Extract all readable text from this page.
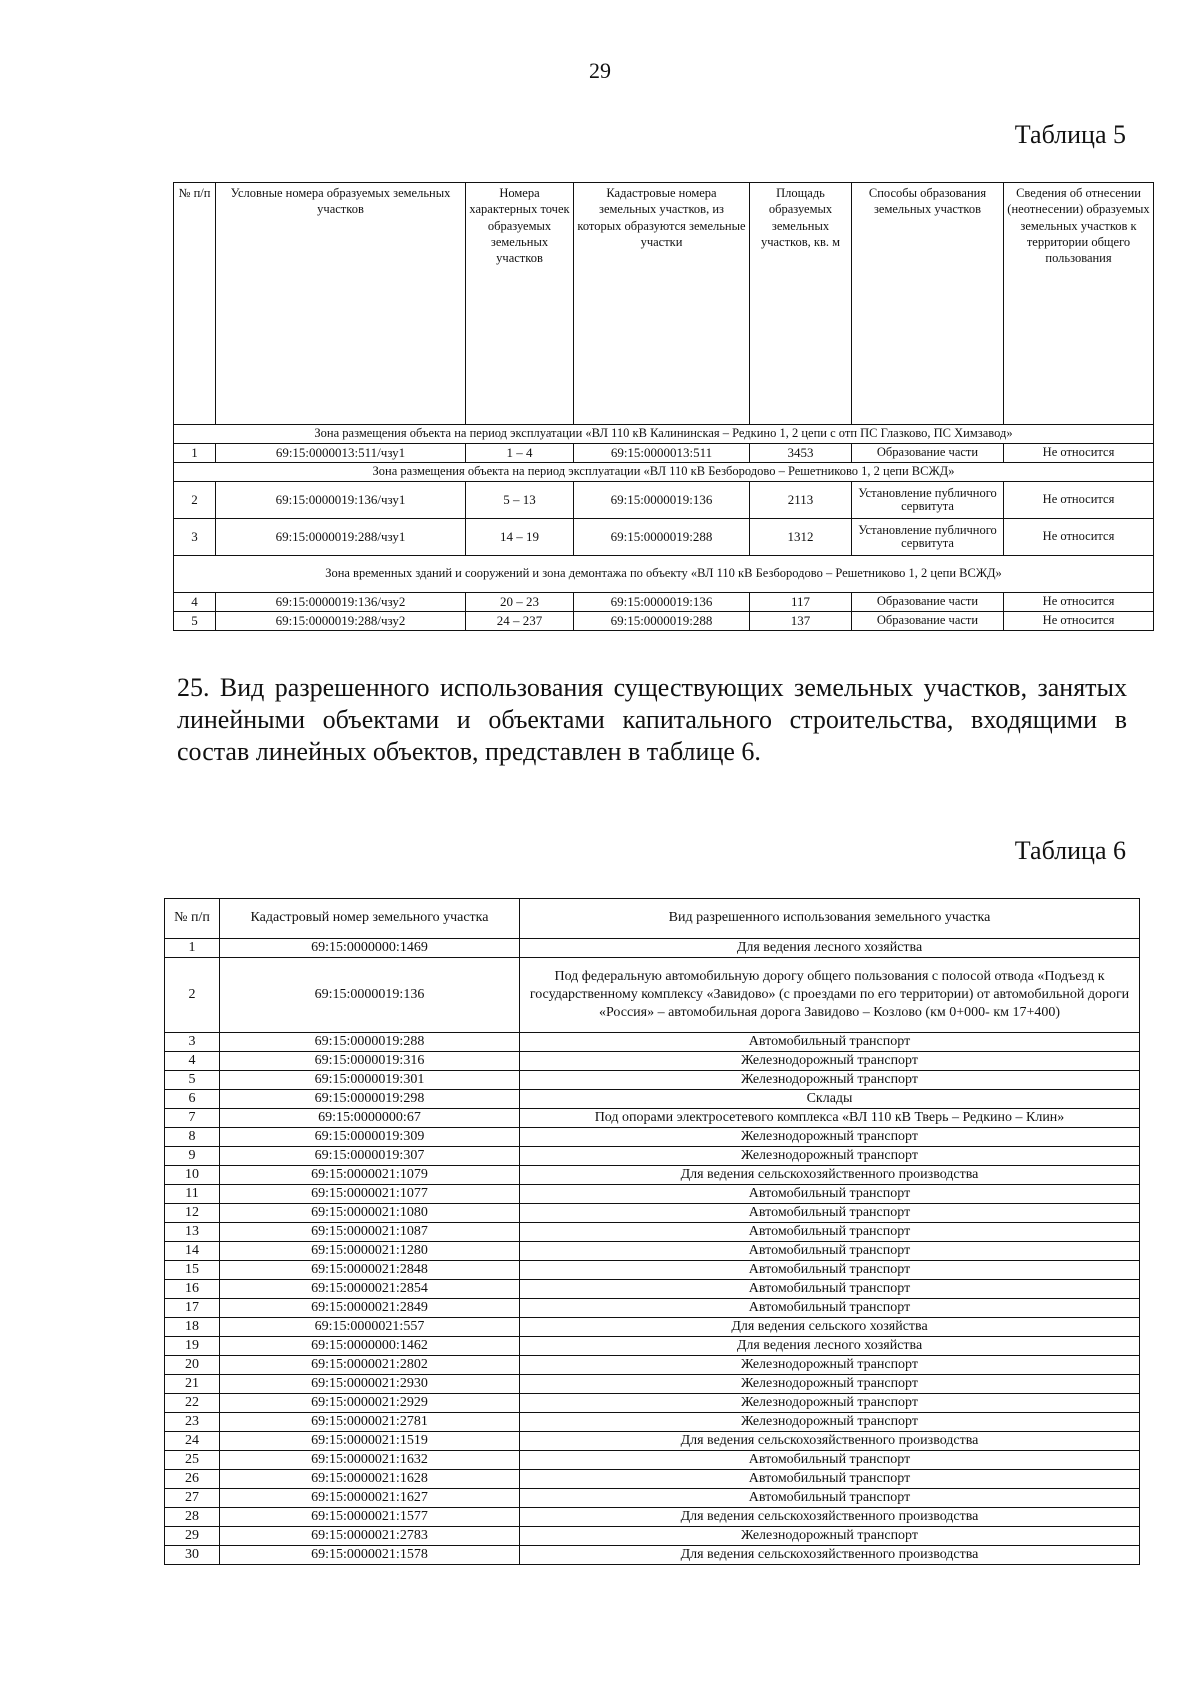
29
Таблица 5
№ п/п	Условные номера образуемых земельных участков	Номера характерных точек образуемых земельных участков	Кадастровые номера земельных участков, из которых образуются земельные участки	Площадь образуемых земельных участков, кв. м	Способы образования земельных участков	Сведения об отнесении (неотнесении) образуемых земельных участков к территории общего пользования
Зона размещения объекта на период эксплуатации «ВЛ 110 кВ Калининская – Редкино 1, 2 цепи с отп ПС Глазково, ПС Химзавод»						
1	69:15:0000013:511/чзу1	1 – 4	69:15:0000013:511	3453	Образование части	Не относится
Зона размещения объекта на период эксплуатации «ВЛ 110 кВ Безбородово – Решетниково 1, 2 цепи ВСЖД»						
2	69:15:0000019:136/чзу1	5 – 13	69:15:0000019:136	2113	Установление публичного сервитута	Не относится
3	69:15:0000019:288/чзу1	14 – 19	69:15:0000019:288	1312	Установление публичного сервитута	Не относится
Зона временных зданий и сооружений и зона демонтажа по объекту «ВЛ 110 кВ Безбородово – Решетниково 1, 2 цепи ВСЖД»						
4	69:15:0000019:136/чзу2	20 – 23	69:15:0000019:136	117	Образование части	Не относится
5	69:15:0000019:288/чзу2	24 – 237	69:15:0000019:288	137	Образование части	Не относится
25. Вид разрешенного использования существующих земельных участков, занятых линейными объектами и объектами капитального строительства, входящими в состав линейных объектов, представлен в таблице 6.
Таблица 6
№ п/п	Кадастровый номер земельного участка	Вид разрешенного использования земельного участка
1	69:15:0000000:1469	Для ведения лесного хозяйства
2	69:15:0000019:136	Под федеральную автомобильную дорогу общего пользования с полосой отвода «Подъезд к государственному комплексу «Завидово» (с проездами по его территории) от автомобильной дороги «Россия» – автомобильная дорога Завидово – Козлово (км 0+000- км 17+400)
3	69:15:0000019:288	Автомобильный транспорт
4	69:15:0000019:316	Железнодорожный транспорт
5	69:15:0000019:301	Железнодорожный транспорт
6	69:15:0000019:298	Склады
7	69:15:0000000:67	Под опорами электросетевого комплекса «ВЛ 110 кВ Тверь – Редкино – Клин»
8	69:15:0000019:309	Железнодорожный транспорт
9	69:15:0000019:307	Железнодорожный транспорт
10	69:15:0000021:1079	Для ведения сельскохозяйственного производства
11	69:15:0000021:1077	Автомобильный транспорт
12	69:15:0000021:1080	Автомобильный транспорт
13	69:15:0000021:1087	Автомобильный транспорт
14	69:15:0000021:1280	Автомобильный транспорт
15	69:15:0000021:2848	Автомобильный транспорт
16	69:15:0000021:2854	Автомобильный транспорт
17	69:15:0000021:2849	Автомобильный транспорт
18	69:15:0000021:557	Для ведения сельского хозяйства
19	69:15:0000000:1462	Для ведения лесного хозяйства
20	69:15:0000021:2802	Железнодорожный транспорт
21	69:15:0000021:2930	Железнодорожный транспорт
22	69:15:0000021:2929	Железнодорожный транспорт
23	69:15:0000021:2781	Железнодорожный транспорт
24	69:15:0000021:1519	Для ведения сельскохозяйственного производства
25	69:15:0000021:1632	Автомобильный транспорт
26	69:15:0000021:1628	Автомобильный транспорт
27	69:15:0000021:1627	Автомобильный транспорт
28	69:15:0000021:1577	Для ведения сельскохозяйственного производства
29	69:15:0000021:2783	Железнодорожный транспорт
30	69:15:0000021:1578	Для ведения сельскохозяйственного производства
